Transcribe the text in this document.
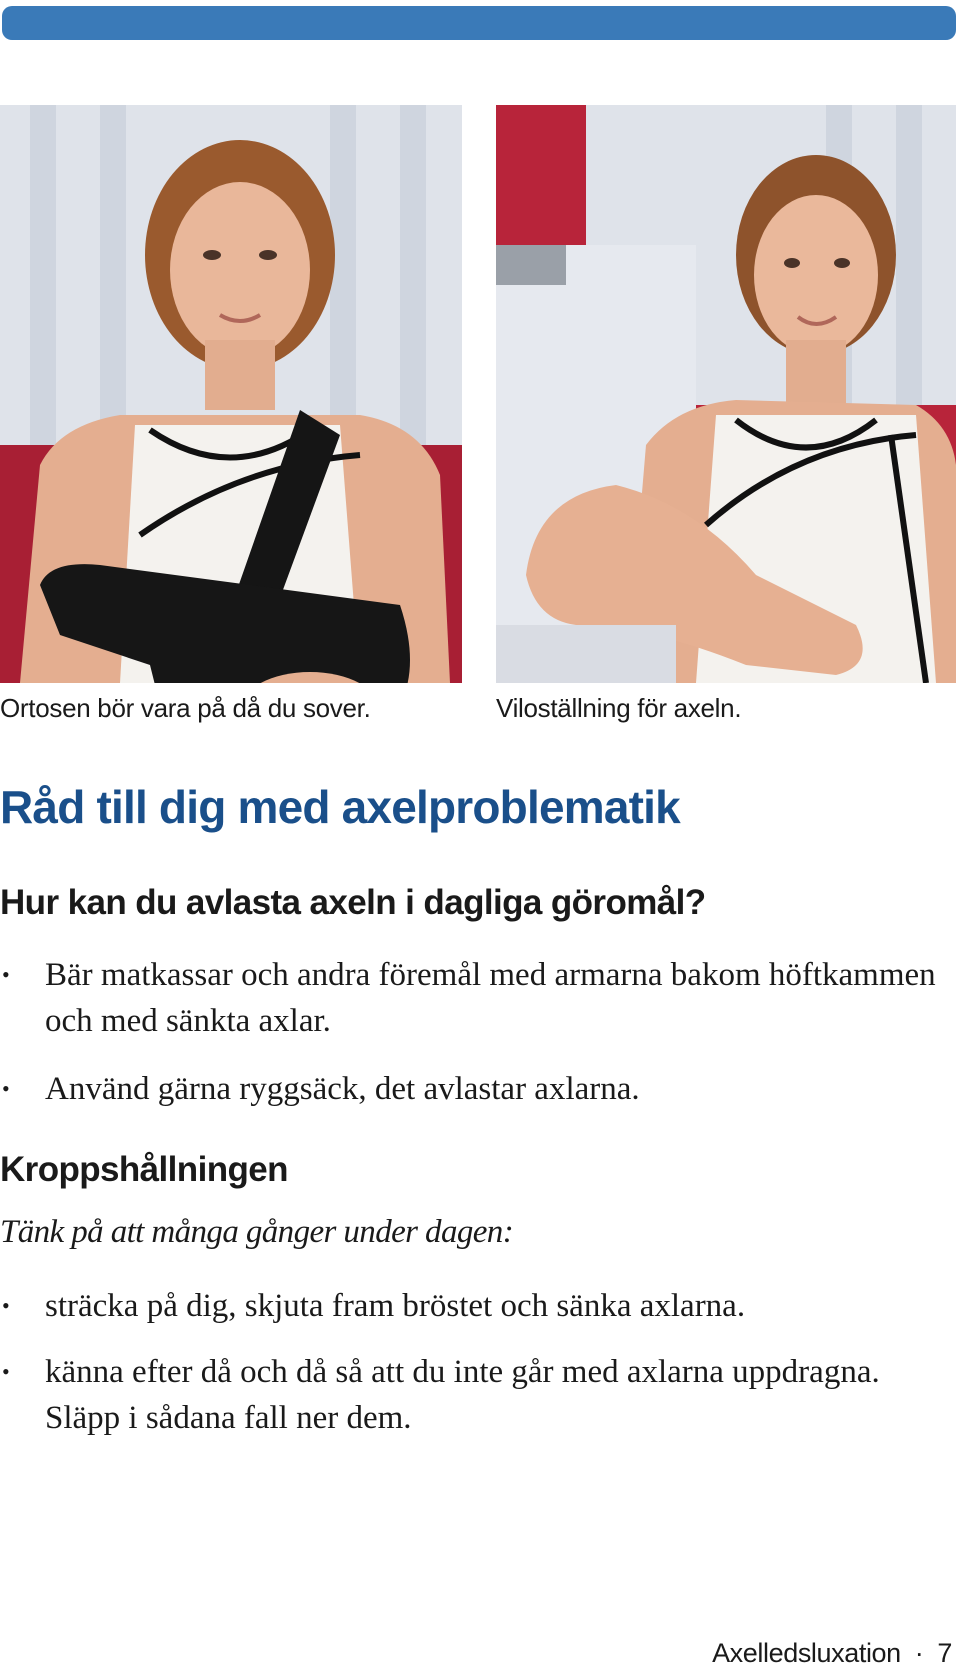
Ortosen bör vara på då du sover.	Viloställning för axeln.
Råd till dig med axelproblematik
Hur kan du avlasta axeln i dagliga göromål?
• Bär matkassar och andra föremål med armarna bakom höftkammen och med sänkta axlar.
• Använd gärna ryggsäck, det avlastar axlarna.
Kroppshållningen

Tänk på att många gånger under dagen:

• sträcka på dig, skjuta fram bröstet och sänka axlarna.
• känna efter då och då så att du inte går med axlarna uppdragna. Släpp i sådana fall ner dem.
Axelledsluxation · 7
